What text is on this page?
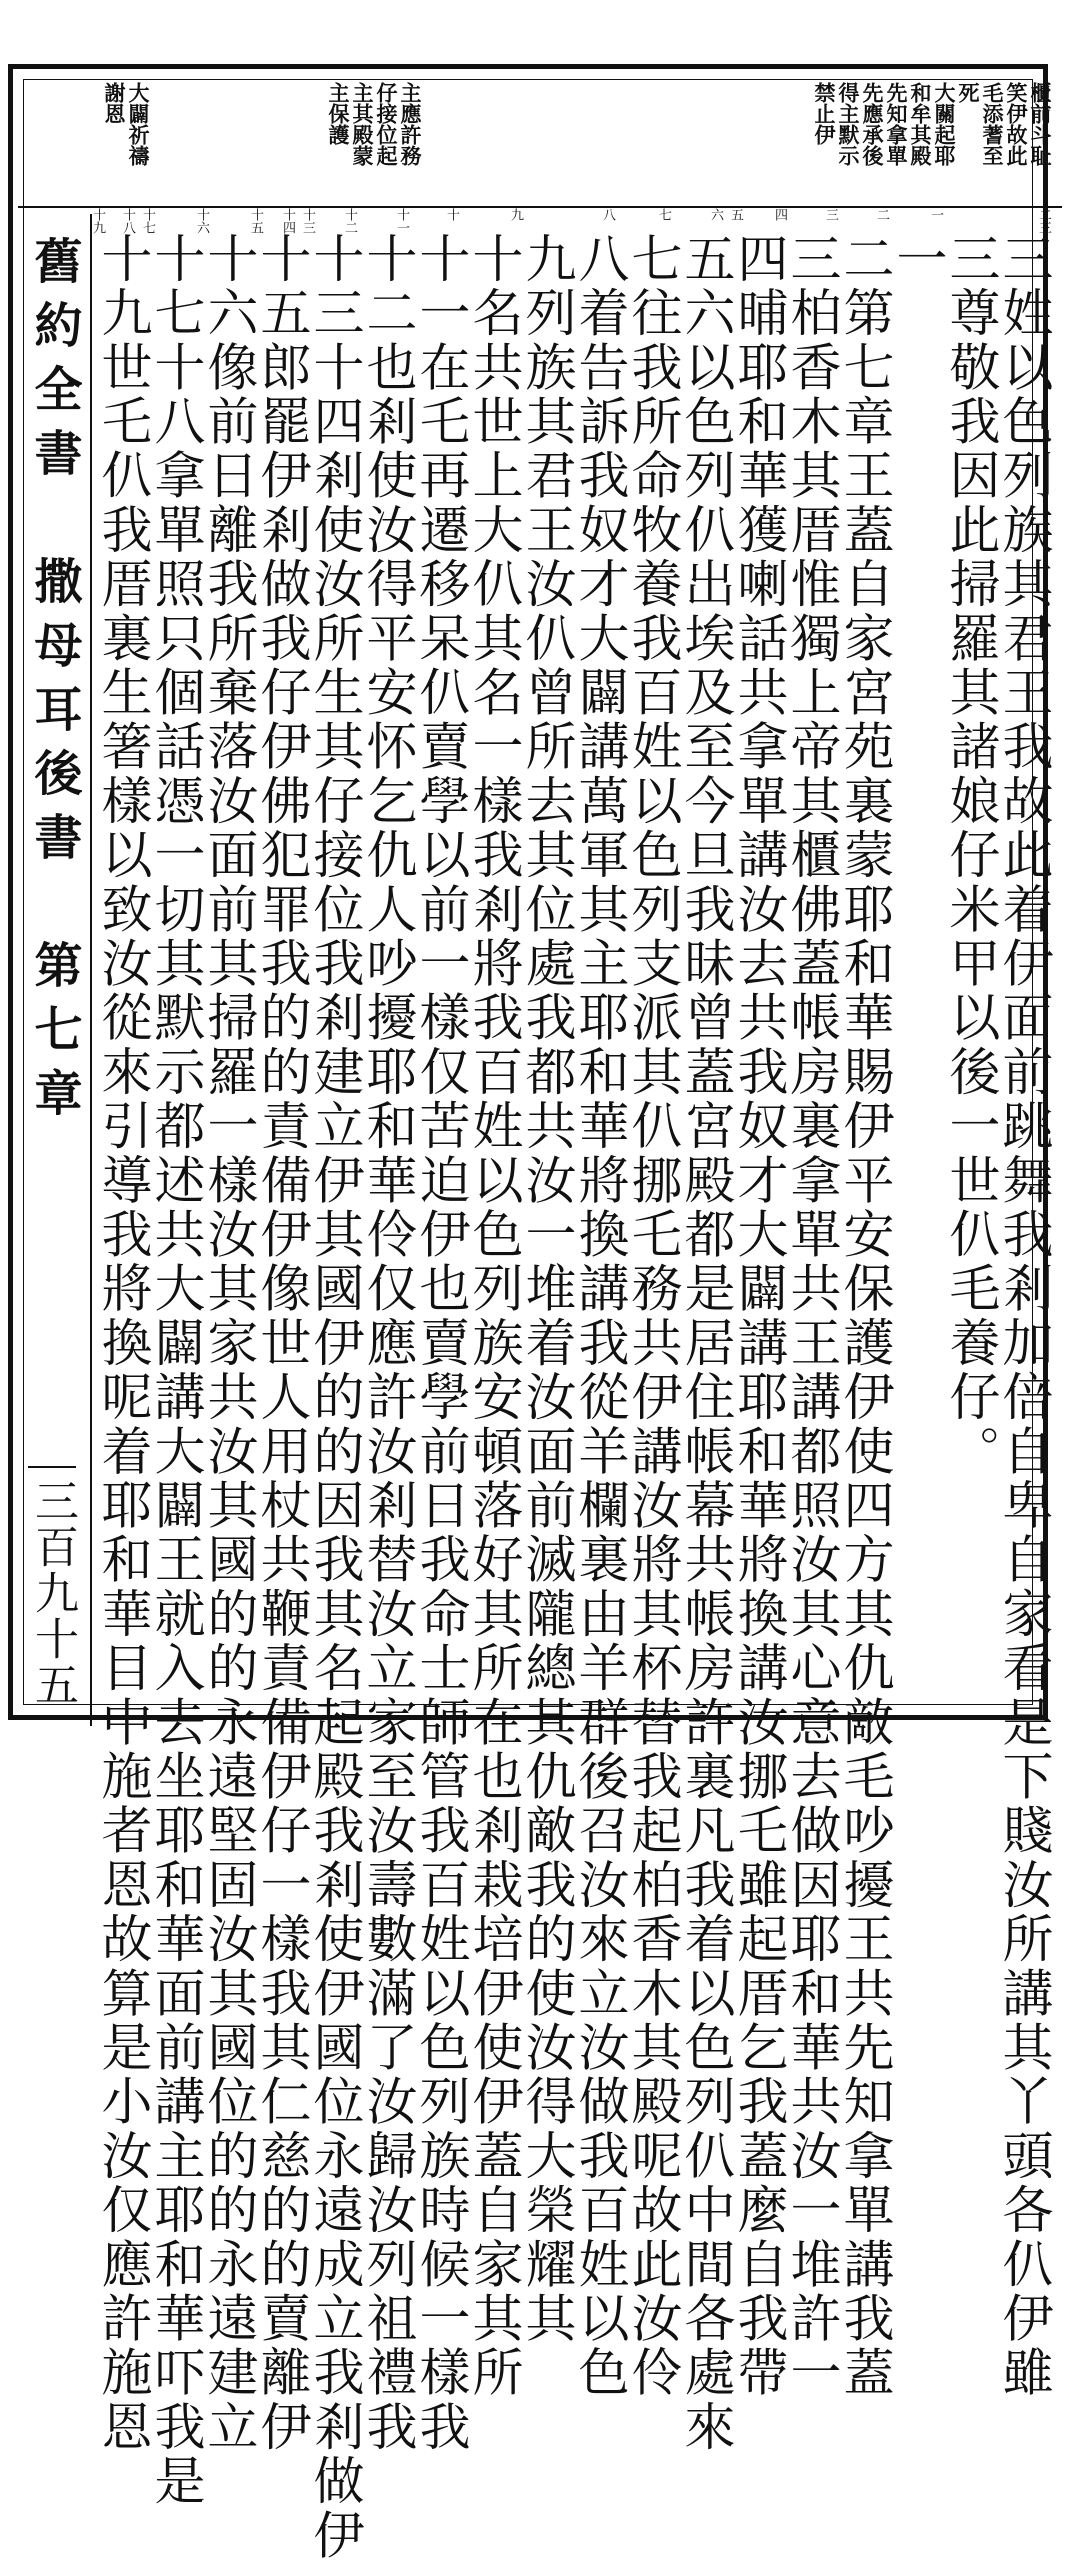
櫃前斗耻
笑伊故此
毛添蓍至
死
大關起耶
和牟其殿
先知拿單
先應承後
得主默示
禁止伊
主應許務
仔接位起
主其殿蒙
主保護
大闢祈禱
謝恩
二三
一
二
三
四
五
六
七
八
九
十
十一
十二
十三
十四
十五
十六
十七
十八
十九
三姓以色列族其君王我故此着伊面前跳舞我剎加倍自卑自家看是下賤汝所講其丫頭各仈伊雖
三尊敬我因此掃羅其諸娘仔米甲以後一世仈毛養仔。
一
二第七章王蓋自家宮苑裏蒙耶和華賜伊平安保護伊使四方其仇敵毛吵擾王共先知拿單講我蓋
三柏香木其厝惟獨上帝其櫃佛蓋帳房裏拿單共王講都照汝其心意去做因耶和華共汝一堆許一
四晡耶和華獲喇話共拿單講汝去共我奴才大闢講耶和華將換講汝挪乇雖起厝乞我蓋麼自我帶
五六以色列仈出埃及至今旦我昧曾蓋宮殿都是居住帳幕共帳房許裏凡我着以色列仈中間各處來
七往我所命牧養我百姓以色列支派其仈挪乇務共伊講汝將其杯替我起柏香木其殿呢故此汝伶
八着告訴我奴才大闢講萬軍其主耶和華將換講我從羊欄裏由羊群後召汝來立汝做我百姓以色
九列族其君王汝仈曾所去其位處我都共汝一堆着汝面前滅隴總其仇敵我的使汝得大榮耀其
十名共世上大仈其名一樣我剎將我百姓以色列族安頓落好其所在也剎栽培伊使伊蓋自家其所
十一在乇再遷移呆仈賣學以前一樣仅苦迫伊也賣學前日我命士師管我百姓以色列族時候一樣我
十二也剎使汝得平安怀乞仇人吵擾耶和華伶仅應許汝剎替汝立家至汝壽數滿了汝歸汝列祖禮我
十三十四剎使汝所生其仔接位我剎建立伊其國伊的的因我其名起殿我剎使伊國位永遠成立我剎做伊
十五郎罷伊剎做我仔伊佛犯罪我的的責備伊像世人用杖共鞭責備伊仔一樣我其仁慈的的賣離伊
十六像前日離我所棄落汝面前其掃羅一樣汝其家共汝其國的的永遠堅固汝其國位的的永遠建立
十七十八拿單照只個話憑一切其默示都述共大闢講大闢王就入去坐耶和華面前講主耶和華吓我是
十九世乇仈我厝裏生箸樣以致汝從來引導我將換呢着耶和華目中施者恩故算是小汝仅應許施恩
舊約全書　撒母耳後書　第七章
三百九十五
